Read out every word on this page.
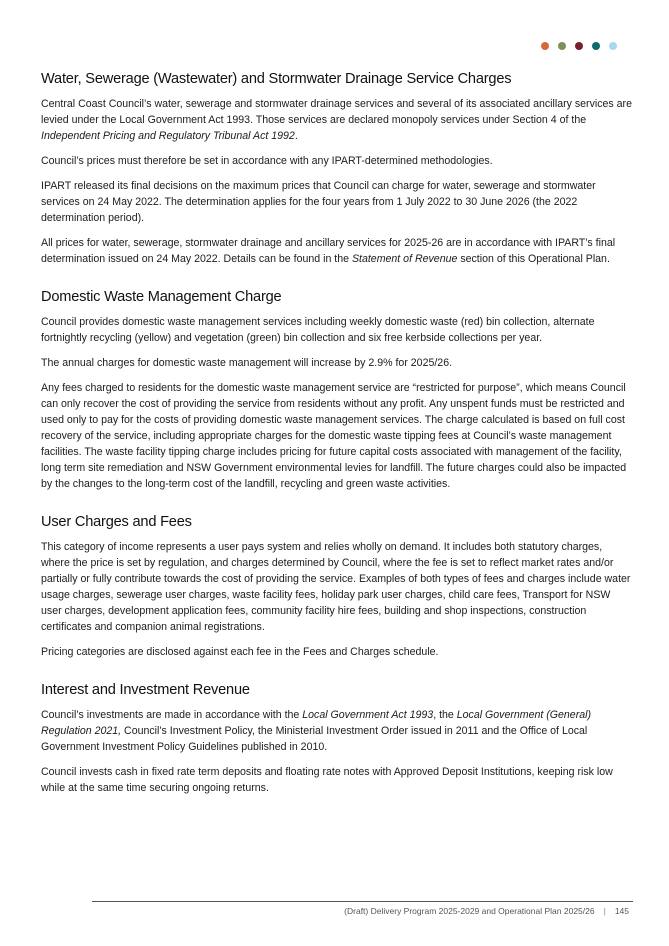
Water, Sewerage (Wastewater) and Stormwater Drainage Service Charges

Central Coast Council’s water, sewerage and stormwater drainage services and several of its associated ancillary services are levied under the Local Government Act 1993. Those services are declared monopoly services under Section 4 of the Independent Pricing and Regulatory Tribunal Act 1992.

Council’s prices must therefore be set in accordance with any IPART-determined methodologies.

IPART released its final decisions on the maximum prices that Council can charge for water, sewerage and stormwater services on 24 May 2022. The determination applies for the four years from 1 July 2022 to 30 June 2026 (the 2022 determination period).

All prices for water, sewerage, stormwater drainage and ancillary services for 2025-26 are in accordance with IPART’s final determination issued on 24 May 2022. Details can be found in the Statement of Revenue section of this Operational Plan.

Domestic Waste Management Charge

Council provides domestic waste management services including weekly domestic waste (red) bin collection, alternate fortnightly recycling (yellow) and vegetation (green) bin collection and six free kerbside collections per year.

The annual charges for domestic waste management will increase by 2.9% for 2025/26.

Any fees charged to residents for the domestic waste management service are “restricted for purpose”, which means Council can only recover the cost of providing the service from residents without any profit. Any unspent funds must be restricted and used only to pay for the costs of providing domestic waste management services. The charge calculated is based on full cost recovery of the service, including appropriate charges for the domestic waste tipping fees at Council’s waste management facilities. The waste facility tipping charge includes pricing for future capital costs associated with management of the facility, long term site remediation and NSW Government environmental levies for landfill. The future charges could also be impacted by the changes to the long-term cost of the landfill, recycling and green waste activities.

User Charges and Fees

This category of income represents a user pays system and relies wholly on demand. It includes both statutory charges, where the price is set by regulation, and charges determined by Council, where the fee is set to reflect market rates and/or partially or fully contribute towards the cost of providing the service. Examples of both types of fees and charges include water usage charges, sewerage user charges, waste facility fees, holiday park user charges, child care fees, Transport for NSW user charges, development application fees, community facility hire fees, building and shop inspections, construction certificates and companion animal registrations.

Pricing categories are disclosed against each fee in the Fees and Charges schedule.

Interest and Investment Revenue

Council’s investments are made in accordance with the Local Government Act 1993, the Local Government (General) Regulation 2021, Council’s Investment Policy, the Ministerial Investment Order issued in 2011 and the Office of Local Government Investment Policy Guidelines published in 2010.

Council invests cash in fixed rate term deposits and floating rate notes with Approved Deposit Institutions, keeping risk low while at the same time securing ongoing returns.

(Draft) Delivery Program 2025-2029 and Operational Plan 2025/26 | 145
